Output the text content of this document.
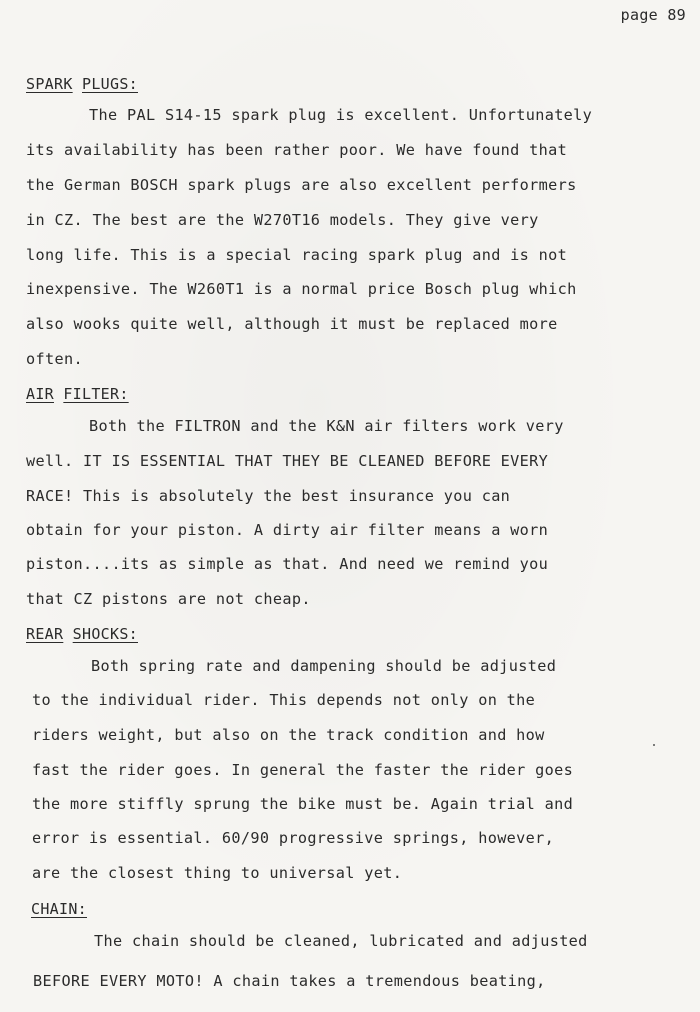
page 89
SPARK PLUGS:
The PAL S14-15 spark plug is excellent. Unfortunately
its availability has been rather poor. We have found that
the German BOSCH spark plugs are also excellent performers
in CZ. The best are the W270T16 models. They give very
long life. This is a special racing spark plug and is not
inexpensive. The W260T1 is a normal price Bosch plug which
also wooks quite well, although it must be replaced more
often.
AIR FILTER:
Both the FILTRON and the K&N air filters work very
well. IT IS ESSENTIAL THAT THEY BE CLEANED BEFORE EVERY
RACE! This is absolutely the best insurance you can
obtain for your piston. A dirty air filter means a worn
piston....its as simple as that. And need we remind you
that CZ pistons are not cheap.
REAR SHOCKS:
Both spring rate and dampening should be adjusted
to the individual rider. This depends not only on the
riders weight, but also on the track condition and how
fast the rider goes. In general the faster the rider goes
the more stiffly sprung the bike must be. Again trial and
error is essential. 60/90 progressive springs, however,
are the closest thing to universal yet.
CHAIN:
The chain should be cleaned, lubricated and adjusted
BEFORE EVERY MOTO! A chain takes a tremendous beating,
